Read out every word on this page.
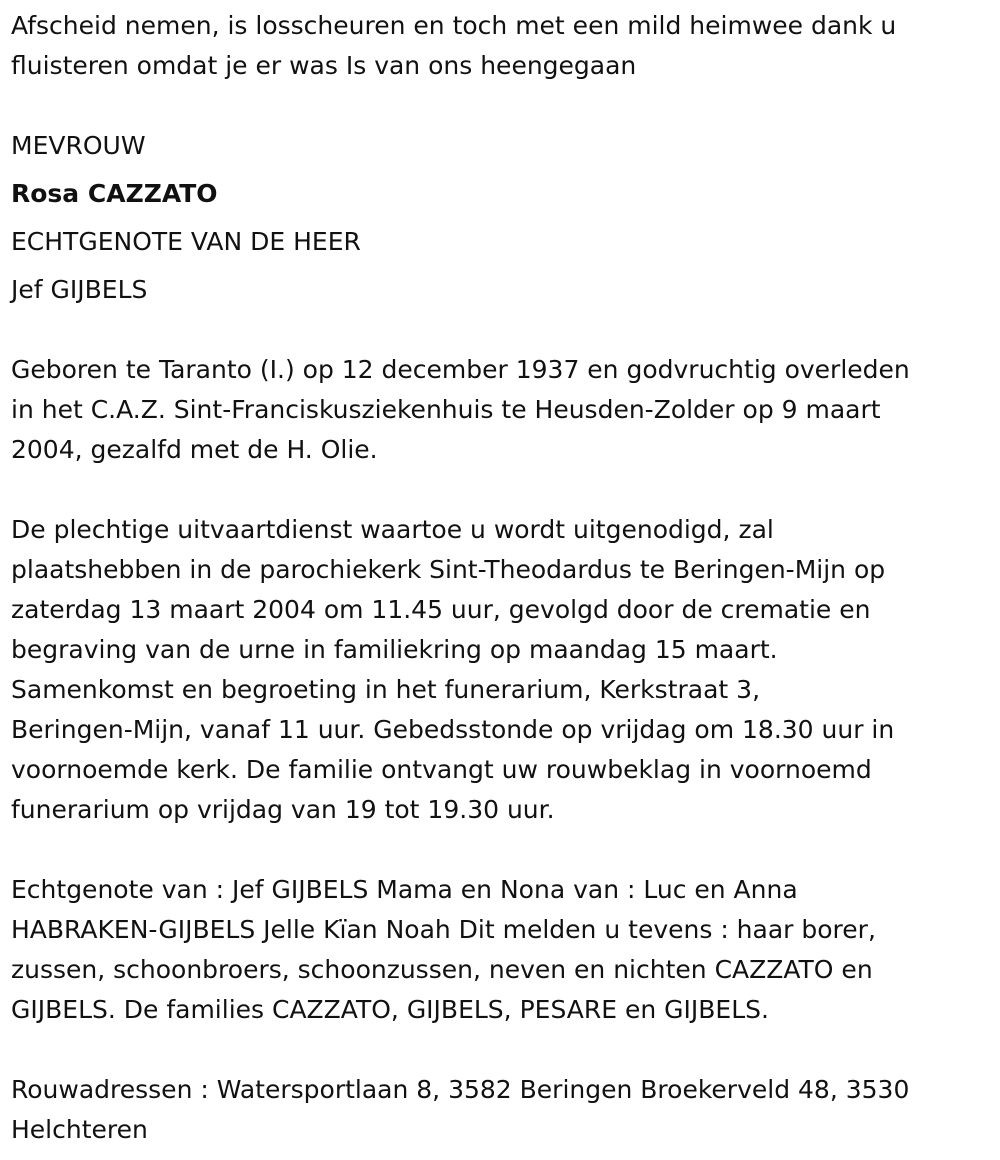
Afscheid nemen, is losscheuren en toch met een mild heimwee dank u
fluisteren omdat je er was Is van ons heengegaan
MEVROUW
Rosa CAZZATO
ECHTGENOTE VAN DE HEER
Jef GIJBELS
Geboren te Taranto (I.) op 12 december 1937 en godvruchtig overleden
in het C.A.Z. Sint-Franciskusziekenhuis te Heusden-Zolder op 9 maart
2004, gezalfd met de H. Olie.
De plechtige uitvaartdienst waartoe u wordt uitgenodigd, zal
plaatshebben in de parochiekerk Sint-Theodardus te Beringen-Mijn op
zaterdag 13 maart 2004 om 11.45 uur, gevolgd door de crematie en
begraving van de urne in familiekring op maandag 15 maart.
Samenkomst en begroeting in het funerarium, Kerkstraat 3,
Beringen-Mijn, vanaf 11 uur. Gebedsstonde op vrijdag om 18.30 uur in
voornoemde kerk. De familie ontvangt uw rouwbeklag in voornoemd
funerarium op vrijdag van 19 tot 19.30 uur.
Echtgenote van : Jef GIJBELS Mama en Nona van : Luc en Anna
HABRAKEN-GIJBELS Jelle Kïan Noah Dit melden u tevens : haar borer,
zussen, schoonbroers, schoonzussen, neven en nichten CAZZATO en
GIJBELS. De families CAZZATO, GIJBELS, PESARE en GIJBELS.
Rouwadressen : Watersportlaan 8, 3582 Beringen Broekerveld 48, 3530
Helchteren
